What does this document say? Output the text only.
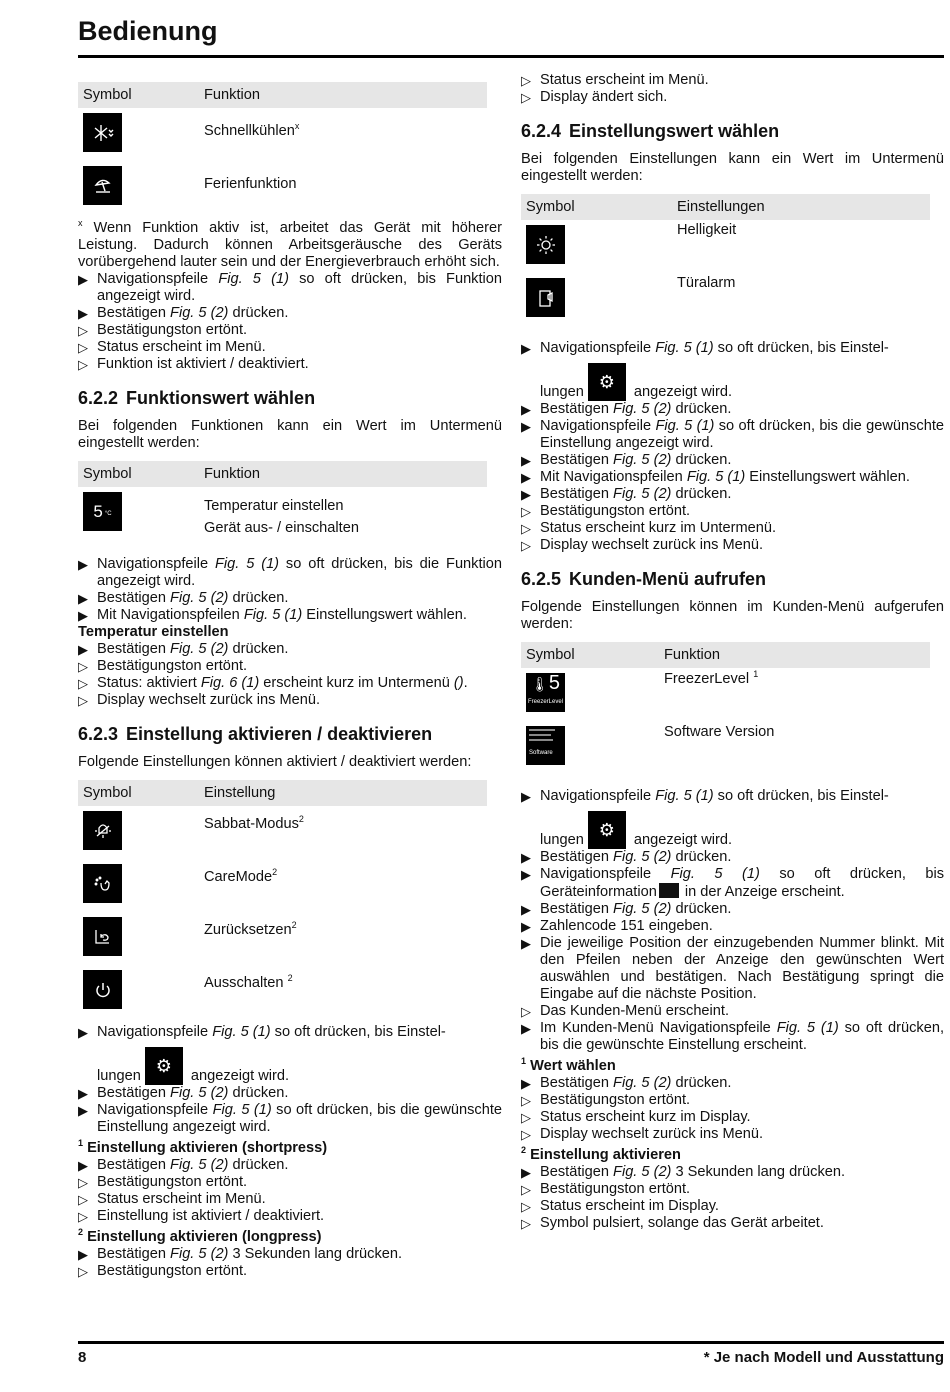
Bedienung
Symbol	Funktion
Schnellkühlen$^x$
Ferienfunktion

$^x$ Wenn Funktion aktiv ist, arbeitet das Gerät mit höherer Leistung. Dadurch können Arbeitsgeräusche des Geräts vorübergehend lauter sein und der Energieverbrauch erhöht sich.

▶ Navigationspfeile Fig. 5 (1) so oft drücken, bis Funktion angezeigt wird.
▶ Bestätigen Fig. 5 (2) drücken.
▷ Bestätigungston ertönt.
▷ Status erscheint im Menü.
▷ Funktion ist aktiviert / deaktiviert.
6.2.2 Funktionswert wählen

Bei folgenden Funktionen kann ein Wert im Untermenü eingestellt werden:

Symbol	Funktion
5 °C	Temperatur einstellen
Gerät aus- / einschalten
▶ Navigationspfeile Fig. 5 (1) so oft drücken, bis die Funktion angezeigt wird.
▶ Bestätigen Fig. 5 (2) drücken.
▶ Mit Navigationspfeilen Fig. 5 (1) Einstellungswert wählen.
Temperatur einstellen
▶ Bestätigen Fig. 5 (2) drücken.
▷ Bestätigungston ertönt.
▷ Status: aktiviert Fig. 6 (1) erscheint kurz im Untermenü ().
▷ Display wechselt zurück ins Menü.
6.2.3 Einstellung aktivieren / deaktivieren

Folgende Einstellungen können aktiviert / deaktiviert werden:

Symbol	Einstellung
Sabbat-Modus$^2$
CareMode$^2$
Zurücksetzen$^2$
Ausschalten $^2$
▶ Navigationspfeile Fig. 5 (1) so oft drücken, bis Einstel-
lungen⚙ angezeigt wird.
▶ Bestätigen Fig. 5 (2) drücken.
▶ Navigationspfeile Fig. 5 (1) so oft drücken, bis die gewünschte Einstellung angezeigt wird.
$^1$ Einstellung aktivieren (shortpress)
▶ Bestätigen Fig. 5 (2) drücken.
▷ Bestätigungston ertönt.
▷ Status erscheint im Menü.
▷ Einstellung ist aktiviert / deaktiviert.
$^2$ Einstellung aktivieren (longpress)
▶ Bestätigen Fig. 5 (2) 3 Sekunden lang drücken.
▷ Bestätigungston ertönt.
▷ Status erscheint im Menü.
▷ Display ändert sich.
6.2.4 Einstellungswert wählen

Bei folgenden Einstellungen kann ein Wert im Untermenü eingestellt werden:

Symbol	Einstellungen
Helligkeit
Türalarm
▶ Navigationspfeile Fig. 5 (1) so oft drücken, bis Einstel-
lungen⚙ angezeigt wird.
▶ Bestätigen Fig. 5 (2) drücken.
▶ Navigationspfeile Fig. 5 (1) so oft drücken, bis die gewünschte Einstellung angezeigt wird.
▶ Bestätigen Fig. 5 (2) drücken.
▶ Mit Navigationspfeilen Fig. 5 (1) Einstellungswert wählen.
▶ Bestätigen Fig. 5 (2) drücken.
▷ Bestätigungston ertönt.
▷ Status erscheint kurz im Untermenü.
▷ Display wechselt zurück ins Menü.
6.2.5 Kunden-Menü aufrufen

Folgende Einstellungen können im Kunden-Menü aufgerufen werden:

Symbol	Funktion
🌡5
FreezerLevel
FreezerLevel $^1$
Software
Software Version
▶ Navigationspfeile Fig. 5 (1) so oft drücken, bis Einstel-
lungen⚙ angezeigt wird.
▶ Bestätigen Fig. 5 (2) drücken.
▶ Navigationspfeile Fig. 5 (1) so oft drücken, bis Geräteinformation in der Anzeige erscheint.
▶ Bestätigen Fig. 5 (2) drücken.
▶ Zahlencode 151 eingeben.
▶ Die jeweilige Position der einzugebenden Nummer blinkt. Mit den Pfeilen neben der Anzeige den gewünschten Wert auswählen und bestätigen. Nach Bestätigung springt die Eingabe auf die nächste Position.
▷ Das Kunden-Menü erscheint.
▶ Im Kunden-Menü Navigationspfeile Fig. 5 (1) so oft drücken, bis die gewünschte Einstellung erscheint.
$^1$ Wert wählen
▶ Bestätigen Fig. 5 (2) drücken.
▷ Bestätigungston ertönt.
▷ Status erscheint kurz im Display.
▷ Display wechselt zurück ins Menü.
$^2$ Einstellung aktivieren
▶ Bestätigen Fig. 5 (2) 3 Sekunden lang drücken.
▷ Bestätigungston ertönt.
▷ Status erscheint im Display.
▷ Symbol pulsiert, solange das Gerät arbeitet.
8	* Je nach Modell und Ausstattung
